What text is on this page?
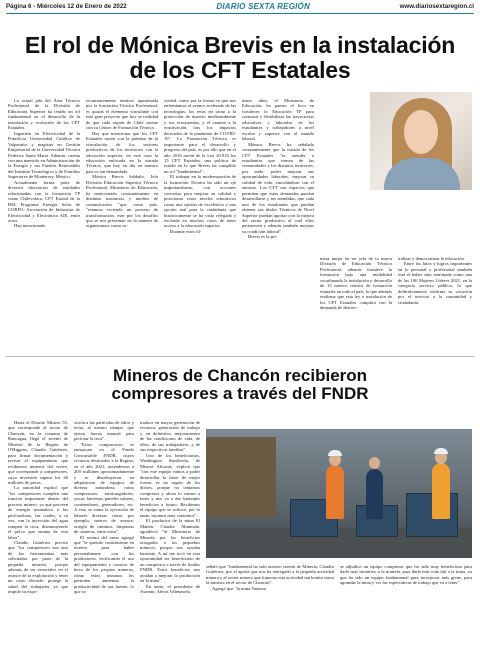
Página 6 - Miércoles 12 de Enero de 2022	DIARIO SEXTA REGIÓN	www.diariosextaregion.cl
El rol de Mónica Brevis en la instalación
de los CFT Estatales

La actual jefa del Área Técnico Profesional de la División de Educación Superior ha tenido un rol fundamental en el desarrollo de la instalación y evolución de los CFT Estatales.

Ingeniera en Electricidad de la Pontificia Universidad Católica de Valparaíso y magíster en Gestión Empresarial de la Universidad Técnica Federico Santa María. Además, cuenta con una maestría en Administración de la Energía y sus Fuentes Renovables del Instituto Tecnológico y de Estudios Superiores de Monterrey, México.

Actualmente forma parte de diversos directorios de entidades relacionadas con la formación TP como Chilevalora, CFT Estatal de la RM, Programa Energía Solar de CORFO, Asociación de Industrias de Electricidad y Electrónica AIE, entre otros.

Hay mencionado

recurrentemente sentirse apasionada por la formación Técnico Profesional, es quizás el elemento vinculante con este gran proyecto que hoy se realidad de que cada región de Chile cuente con su Centro de Formación Técnica.

Hay que mencionar que los CFT Estatales nacen con la premisa de la vinculación de los sectores productivos de los territorios con la educación superior, en este caso la educación enfocada en la mirada Técnica, que hoy en día en nuestro país es tan demandada.

Mónica Brevis Saldaño, Jefa División Educación Superior Técnico Profesional, Ministerio de Educación, ha mencionado constantemente en distintas instancias y medios de comunicación "que como país, "estamos viviendo un proceso de transformación, este por los desafíos que se nos presentan en la manera de organizarnos como so-

ciedad, como por la forma en que nos enfrentamos al avance acelerado de las tecnologías, los retos en torno a la protección de nuestro medioambiente y sus ecosistemas, y el camino a la reactivación tras los impactos derivados de la pandemia de COVID-19". La Formación Técnica es importante para el desarrollo y progreso del país, es por ello que en el año 2016 nacen de la Ley 20.910 los 15 CFT Estatales, una política de estado en la que Brevis ha cumplido un rol "fundamental".

El trabajar en la modernización de la formación Técnica ha sido un eje importantísimo, con acciones concretas para mejorar su calidad y posicionar estos niveles educativos como una opción de excelencia y una opción real para la ciudadanía que históricamente se ha visto relegada y excluida en muchos casos de tener acceso a la educación superior.

Durante estos úl-

timos años, el Ministerio de Educación, ha puesto el foco en fortalecer la Educación TP para construir y flexibilizar las trayectorias educativas y laborales de los estudiantes y trabajadores a nivel escolar y superior con el mundo laboral.

Mónica Brevis ha señalado constantemente que la misión de los CFT Estatales "es atender a estudiantes que vienen de las comunidades y los distintos territorios, por ende, poder mejorar sus oportunidades laborales, mejorar su calidad de vida, vinculándose con el entorno. Los CFT son espacios que permiten que estas demandas puedan desarrollarse y ser atendidas, que cada uno de los estudiantes que puedan obtener sus títulos Técnicos de Nivel Superior puedan aportar con la mejora del sector productivo al cual ellos pertenecen y además también mejorar su condición laboral".

Brevis es la pri-

mera mujer en ser jefa de la nueva División de Educación Técnico Profesional, además fortalece la formación bajo una modalidad coordinando la instalación y desarrollo de 15 nuevos centros de formación estatales en todo el país, lo que además reafirma que esta ley e instalación de los CFT Estatales cumplirá con la demanda de descen-

tralizar y democratizar la educación.

Entre los hitos y logros importantes en lo personal y profesional también está el haber sido nominada como una de las 100 Mujeres Líderes 2021, en la categoría servicio público, lo que definitivamente reafirma su vocación por el servicio a la comunidad y ciudadanía.

Mineros de Chancón recibieron
compresores a través del FNDR

Hasta el Distrito Minero 55, que corresponde al sector de Chancón, en la comuna de Rancagua, llegó el seremi de Minería de la Región de O'Higgins, Claudio Gutiérrez, para firmar documentación y revisar el equipamiento que recibieron mineros del sector, que corresponde a compresores, cuya inversión supera los 40 millones de pesos.

La autoridad explicó que "los compresores cumplen una función importante dentro del proceso minero, ya que proveen de energía neumática a las perforadoras, las cuales, a su vez, con la inyección del agua rompen la roca, disminuyendo el polvo que emana de esta labor".

Claudio Gutiérrez precisó que "los compresores son uno de las herramientas más solicitadas por parte de la pequeña minería, porque además de ser esenciales en el avance de la explotación y tener un costo elevado- protege la salud del trabajador ya que impide su expo-

sición a las partículas de sílice y evita, al mismo tiempo, que ejerza fuerza manual para perforar la roca".

"Estos compresores se enmarcan en el Fondo Concursable FNDR, cuyos recursos destinados a la Región, en el año 2021, ascendieron a 200 millones aproximadamente y se distribuyeron en adquisición de equipos de diversa naturaleza, como compresores, minicargadores, yucas, barrenas, paneles solares, contenedores, generadores, etc. A esto se suma la ejecución de labores diversas como, por ejemplo, metros de avance, arreglo de caminos, limpiezas de canteras, entre otros".

El seremi del ramo agregó que "le querido constituirme en terreno para haber personalmente con los productores, verificando el uso del equipamiento y conocer de boca de los propios mineros, cómo estos insumos les permiten aumentar la productividad de sus faenas, lo que se

traduce en mayor generación de recursos, generación de trabajo y, en definitiva, mejoramiento de las condiciones de vida, de ellos, de sus trabajadores, y de sus respectivas familias".

Uno de los beneficiarios, Washington Sepúlveda, de Minera Alicante, explicó que "con este equipo vamos a poder desarrollar la labor de mejor forma, es un regalo de los dioses, porque no teníamos compresor y ahora lo vamos a tener y nos va a dar bastantes beneficios a futuro. Recibimos el equipo que se solicitó, por lo tanto, estamos muy contentos".

El productor de la mina El Maitén, Claudio Ahumada, agradeció "al Ministerio de Minería por los beneficios otorgados a los pequeños mineros, porque nos ayudan bastante. A mí me tocó en esta oportunidad ser beneficiario de un compresor a través de fondos FNDR. Estos beneficios nos ayudan a mejorar la producción en la mina".

En tanto, el presidente de Asomin, Alexis Valenzuela,

señaló que "fundamental ha sido nuestro seremi de Minería, Claudio Gutiérrez, por el aporte que nos ha entregado a la pequeña actividad minera y al sector minero que fomenta esta actividad tan bonita como la minería en el sector de Chancón".

Agregó que "la mina Vanessa

se adjudicó un equipo compresor que les sido muy beneficioso para darle más incentivo a la minería, para darle más vida útil a la mina, ya que ha sido un equipo fundamental para incorporar más gente, para agrandar la mina y ver las expectativas de trabajo que va a tener".
